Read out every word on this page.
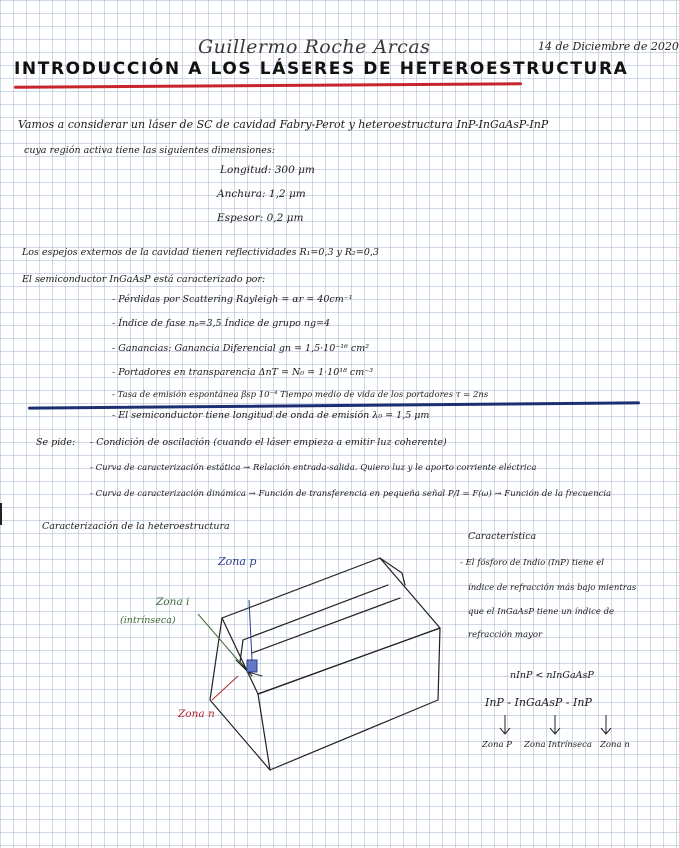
Guillermo Roche Arcas	14 de Diciembre de 2020
INTRODUCCIÓN A LOS LÁSERES DE HETEROESTRUCTURA
Vamos a considerar un láser de SC de cavidad Fabry-Perot y heteroestructura InP-InGaAsP-InP
cuya región activa tiene las siguientes dimensiones:
Longitud: 300 μm
Anchura: 1,2 μm
Espesor: 0,2 μm
Los espejos externos de la cavidad tienen reflectividades R₁=0,3 y R₂=0,3
El semiconductor InGaAsP está caracterizado por:
- Pérdidas por Scattering Rayleigh = αr = 40cm⁻¹
- Índice de fase nₚ=3,5 Índice de grupo ng=4
- Ganancias: Ganancia Diferencial gn = 1,5·10⁻¹⁶ cm²
- Portadores en transparencia ΔnT = N₀ = 1·10¹⁸ cm⁻³
- Tasa de emisión espontánea βsp 10⁻⁴ Tiempo medio de vida de los portadores τ = 2ns
- El semiconductor tiene longitud de onda de emisión λ₀ = 1,5 μm
Se pide: - Condición de oscilación (cuando el láser empieza a emitir luz coherente)
- Curva de caracterización estática → Relación entrada-salida. Quiero luz y le aporto corriente eléctrica
- Curva de caracterización dinámica → Función de transferencia en pequeña señal P/I = F(ω) → Función de la frecuencia
Caracterización de la heteroestructura
Zona p
Zona i
(intrínseca)
Zona n
Característica
- El fósforo de Indio (InP) tiene el
índice de refracción más bajo mientras
que el InGaAsP tiene un índice de
refracción mayor
nInP < nInGaAsP
InP - InGaAsP - InP
Zona P Zona Intrínseca Zona n
